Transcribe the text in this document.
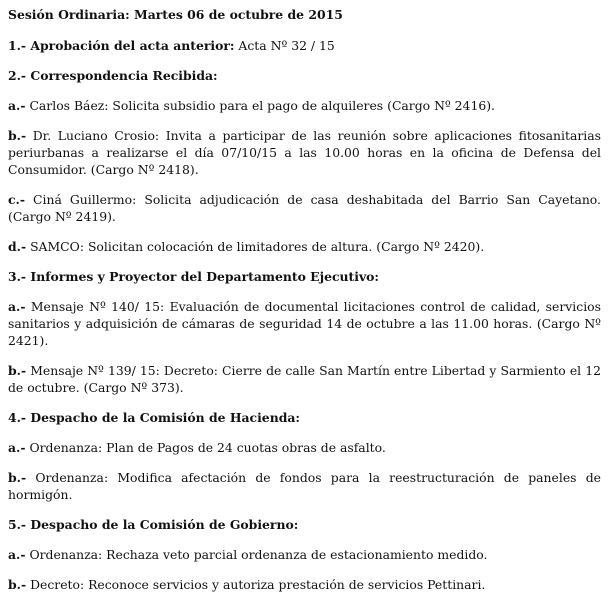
Sesión Ordinaria: Martes 06 de octubre de 2015
1.- Aprobación del acta anterior: Acta Nº 32 / 15
2.- Correspondencia Recibida:
a.- Carlos Báez: Solicita subsidio para el pago de alquileres (Cargo Nº 2416).
b.- Dr. Luciano Crosio: Invita a participar de las reunión sobre aplicaciones fitosanitarias periurbanas a realizarse el día 07/10/15 a las 10.00 horas en la oficina de Defensa del Consumidor. (Cargo Nº 2418).
c.- Ciná Guillermo: Solicita adjudicación de casa deshabitada del Barrio San Cayetano. (Cargo Nº 2419).
d.- SAMCO: Solicitan colocación de limitadores de altura. (Cargo Nº 2420).
3.- Informes y Proyector del Departamento Ejecutivo:
a.- Mensaje Nº 140/ 15: Evaluación de documental licitaciones control de calidad, servicios sanitarios y adquisición de cámaras de seguridad 14 de octubre a las 11.00 horas. (Cargo Nº 2421).
b.- Mensaje Nº 139/ 15: Decreto: Cierre de calle San Martín entre Libertad y Sarmiento el 12 de octubre. (Cargo Nº 373).
4.- Despacho de la Comisión de Hacienda:
a.- Ordenanza: Plan de Pagos de 24 cuotas obras de asfalto.
b.- Ordenanza: Modifica afectación de fondos para la reestructuración de paneles de hormigón.
5.- Despacho de la Comisión de Gobierno:
a.- Ordenanza: Rechaza veto parcial ordenanza de estacionamiento medido.
b.- Decreto: Reconoce servicios y autoriza prestación de servicios Pettinari.
